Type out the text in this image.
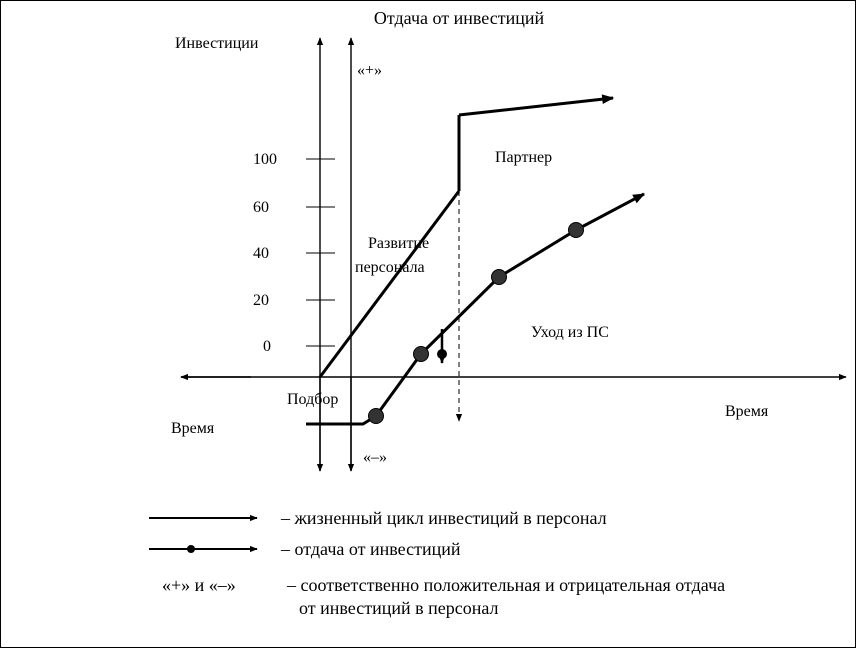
Отдача от инвестиций
Инвестиции
«+»
«–»
Время
Время
100
60
40
20
0
Развитие
персонала
Партнер
Уход из ПС
Подбор
– жизненный цикл инвестиций в персонал
– отдача от инвестиций
«+» и «–»	– соответственно положительная и отрицательная отдача
от инвестиций в персонал
